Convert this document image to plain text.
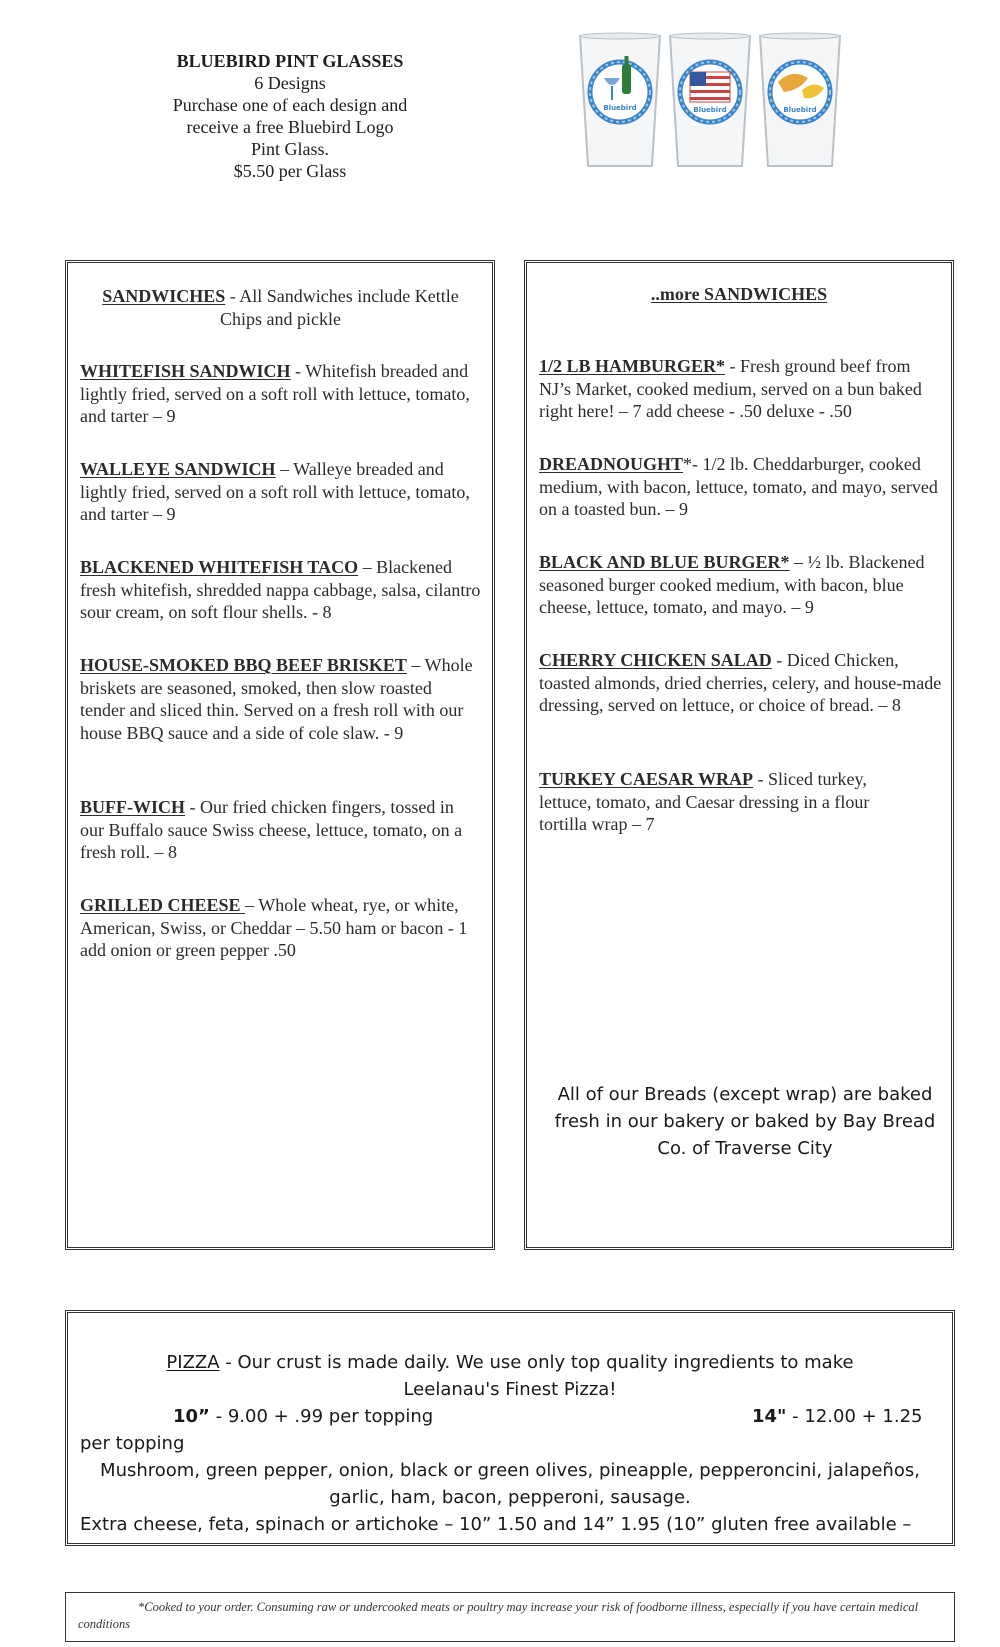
BLUEBIRD PINT GLASSES
6 Designs
Purchase one of each design and
receive a free Bluebird Logo
Pint Glass.
$5.50 per Glass
Bluebird	Bluebird	Bluebird
SANDWICHES - All Sandwiches include Kettle Chips and pickle
WHITEFISH SANDWICH - Whitefish breaded and lightly fried, served on a soft roll with lettuce, tomato, and tarter – 9
WALLEYE SANDWICH – Walleye breaded and lightly fried, served on a soft roll with lettuce, tomato, and tarter – 9
BLACKENED WHITEFISH TACO – Blackened fresh whitefish, shredded nappa cabbage, salsa, cilantro sour cream, on soft flour shells. - 8
HOUSE-SMOKED BBQ BEEF BRISKET – Whole briskets are seasoned, smoked, then slow roasted tender and sliced thin. Served on a fresh roll with our house BBQ sauce and a side of cole slaw. - 9
BUFF-WICH - Our fried chicken fingers, tossed in our Buffalo sauce Swiss cheese, lettuce, tomato, on a fresh roll. – 8
GRILLED CHEESE – Whole wheat, rye, or white, American, Swiss, or Cheddar – 5.50 ham or bacon - 1 add onion or green pepper .50
..more SANDWICHES
1/2 LB HAMBURGER* - Fresh ground beef from NJ’s Market, cooked medium, served on a bun baked right here! – 7 add cheese - .50 deluxe - .50
DREADNOUGHT*- 1/2 lb. Cheddarburger, cooked medium, with bacon, lettuce, tomato, and mayo, served on a toasted bun. – 9
BLACK AND BLUE BURGER* – ½ lb. Blackened seasoned burger cooked medium, with bacon, blue cheese, lettuce, tomato, and mayo. – 9
CHERRY CHICKEN SALAD - Diced Chicken, toasted almonds, dried cherries, celery, and house-made dressing, served on lettuce, or choice of bread. – 8
TURKEY CAESAR WRAP - Sliced turkey, lettuce, tomato, and Caesar dressing in a flour tortilla wrap – 7
All of our Breads (except wrap) are baked fresh in our bakery or baked by Bay Bread Co. of Traverse City
PIZZA - Our crust is made daily. We use only top quality ingredients to make
Leelanau's Finest Pizza!
10” - 9.00 + .99 per topping	14" - 12.00 + 1.25
per topping
Mushroom, green pepper, onion, black or green olives, pineapple, pepperoncini, jalapeños,
garlic, ham, bacon, pepperoni, sausage.
Extra cheese, feta, spinach or artichoke – 10” 1.50 and 14” 1.95 (10” gluten free available –
*Cooked to your order. Consuming raw or undercooked meats or poultry may increase your risk of foodborne illness, especially if you have certain medical conditions
